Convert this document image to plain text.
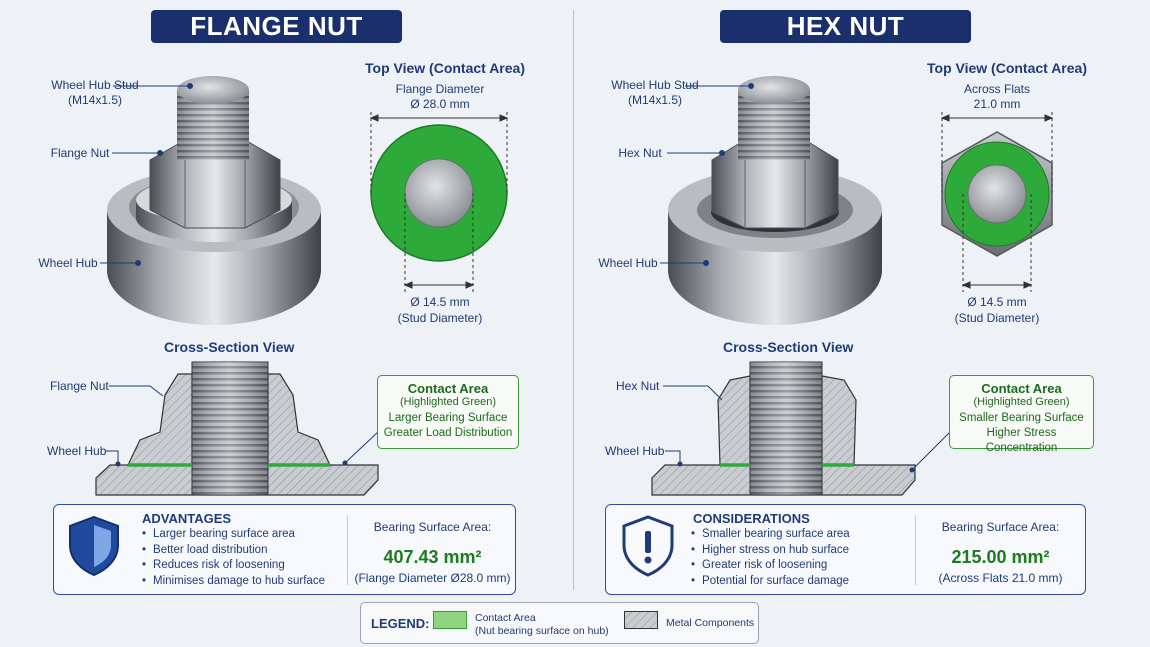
FLANGE NUT	HEX NUT
Wheel Hub Stud
(M14x1.5)
Flange Nut
Wheel Hub
Wheel Hub Stud
(M14x1.5)
Hex Nut
Wheel Hub
Top View (Contact Area)
Flange Diameter
Ø 28.0 mm
Ø 14.5 mm
(Stud Diameter)
Top View (Contact Area)
Across Flats
21.0 mm
Ø 14.5 mm
(Stud Diameter)
Cross-Section View	Cross-Section View
Flange Nut
Wheel Hub
Hex Nut
Wheel Hub
Contact Area
(Highlighted Green)
Larger Bearing Surface
Greater Load Distribution
Contact Area
(Highlighted Green)
Smaller Bearing Surface
Higher Stress Concentration
ADVANTAGES
• Larger bearing surface area
• Better load distribution
• Reduces risk of loosening
• Minimises damage to hub surface
Bearing Surface Area:
407.43 mm²
(Flange Diameter Ø28.0 mm)
CONSIDERATIONS
• Smaller bearing surface area
• Higher stress on hub surface
• Greater risk of loosening
• Potential for surface damage
Bearing Surface Area:
215.00 mm²
(Across Flats 21.0 mm)
LEGEND:	Contact Area
(Nut bearing surface on hub)
Metal Components
